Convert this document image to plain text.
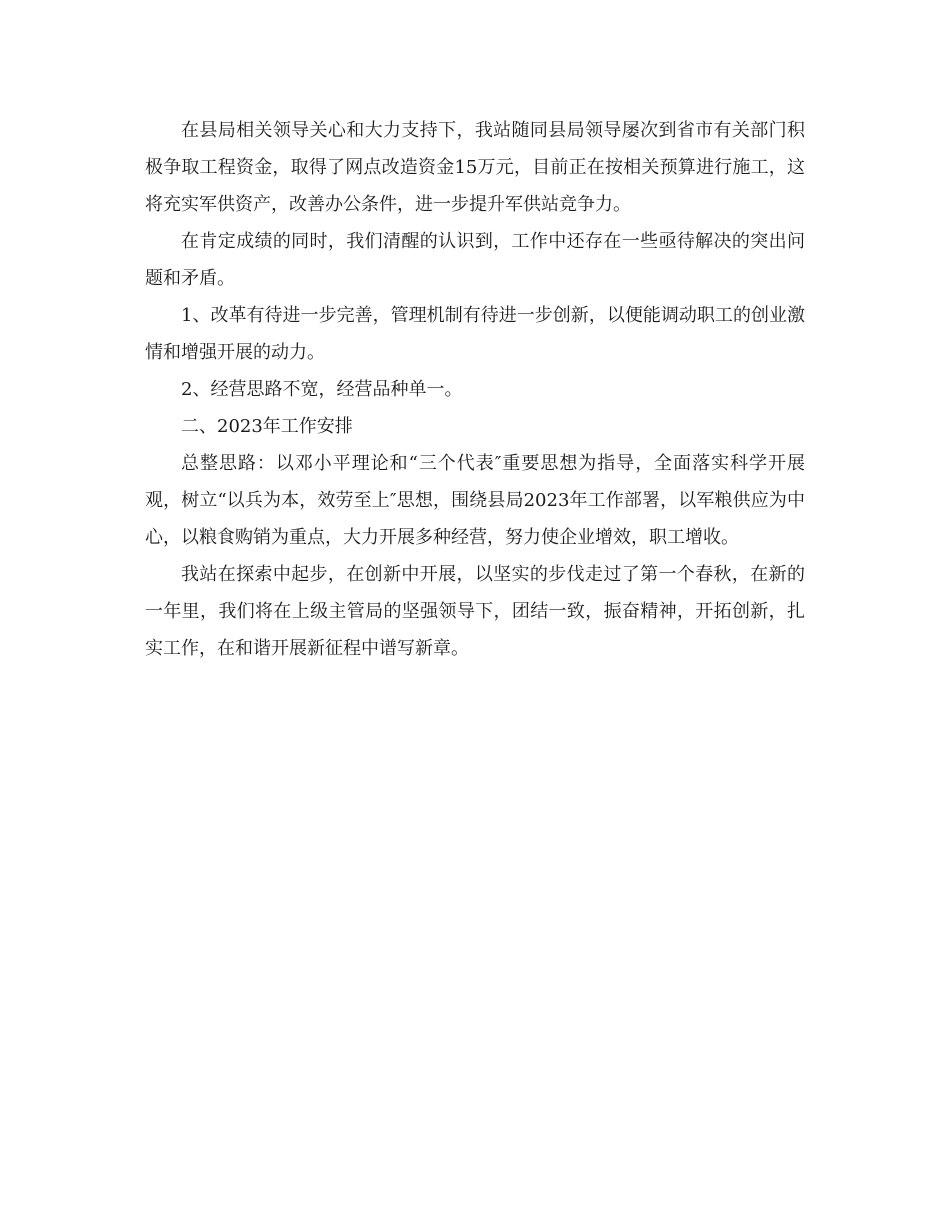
在县局相关领导关心和大力支持下，我站随同县局领导屡次到省市有关部门积极争取工程资金，取得了网点改造资金15万元，目前正在按相关预算进行施工，这将充实军供资产，改善办公条件，进一步提升军供站竞争力。

在肯定成绩的同时，我们清醒的认识到，工作中还存在一些亟待解决的突出问题和矛盾。

1、改革有待进一步完善，管理机制有待进一步创新，以便能调动职工的创业激情和增强开展的动力。

2、经营思路不宽，经营品种单一。

二、2023年工作安排

总整思路：以邓小平理论和“三个代表″重要思想为指导，全面落实科学开展观，树立“以兵为本，效劳至上″思想，围绕县局2023年工作部署，以军粮供应为中心，以粮食购销为重点，大力开展多种经营，努力使企业增效，职工增收。

我站在探索中起步，在创新中开展，以坚实的步伐走过了第一个春秋，在新的一年里，我们将在上级主管局的坚强领导下，团结一致，振奋精神，开拓创新，扎实工作，在和谐开展新征程中谱写新章。
